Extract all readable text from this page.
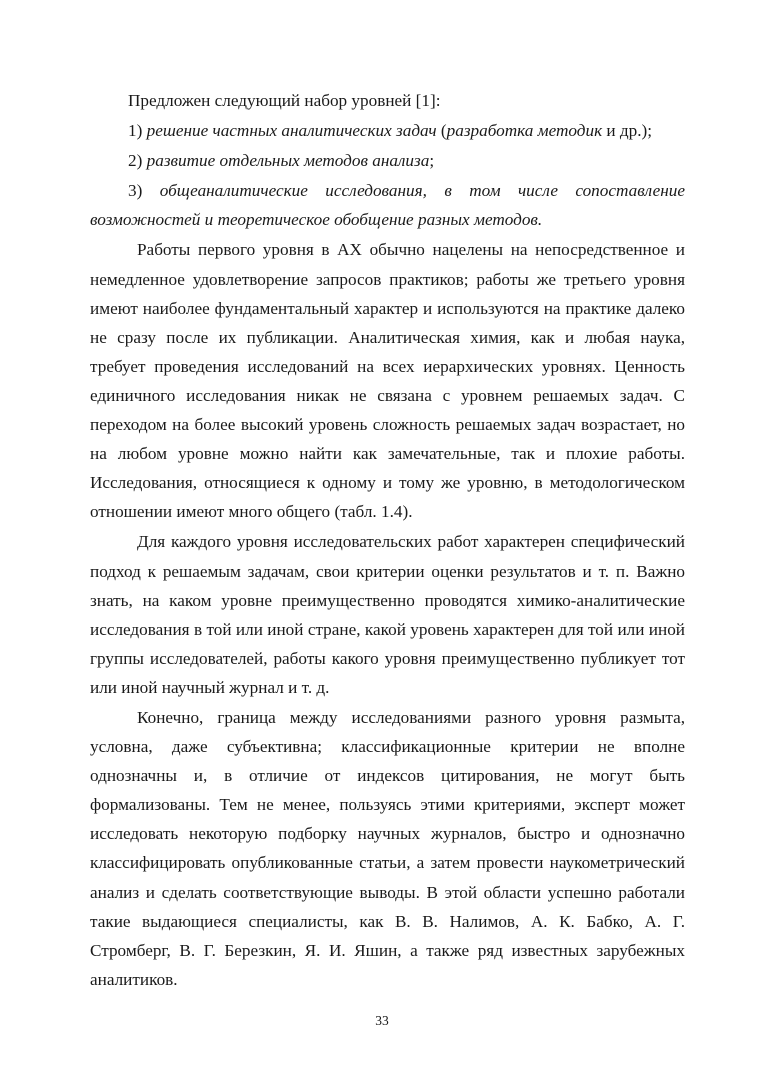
Предложен следующий набор уровней [1]:

1) решение частных аналитических задач (разработка методик и др.);

2) развитие отдельных методов анализа;

3) общеаналитические исследования, в том числе сопоставление возможностей и теоретическое обобщение разных методов.

Работы первого уровня в АХ обычно нацелены на непосредственное и немедленное удовлетворение запросов практиков; работы же третьего уровня имеют наиболее фундаментальный характер и используются на практике далеко не сразу после их публикации. Аналитическая химия, как и любая наука, требует проведения исследований на всех иерархических уровнях. Ценность единичного исследования никак не связана с уровнем решаемых задач. С переходом на более высокий уровень сложность решаемых задач возрастает, но на любом уровне можно найти как замечательные, так и плохие работы. Исследования, относящиеся к одному и тому же уровню, в методологическом отношении имеют много общего (табл. 1.4).

Для каждого уровня исследовательских работ характерен специфический подход к решаемым задачам, свои критерии оценки результатов и т. п. Важно знать, на каком уровне преимущественно проводятся химико-аналитические исследования в той или иной стране, какой уровень характерен для той или иной группы исследователей, работы какого уровня преимущественно публикует тот или иной научный журнал и т. д.

Конечно, граница между исследованиями разного уровня размыта, условна, даже субъективна; классификационные критерии не вполне однозначны и, в отличие от индексов цитирования, не могут быть формализованы. Тем не менее, пользуясь этими критериями, эксперт может исследовать некоторую подборку научных журналов, быстро и однозначно классифицировать опубликованные статьи, а затем провести наукометрический анализ и сделать соответствующие выводы. В этой области успешно работали такие выдающиеся специалисты, как В. В. Налимов, А. К. Бабко, А. Г. Стромберг, В. Г. Березкин, Я. И. Яшин, а также ряд известных зарубежных аналитиков.

33
